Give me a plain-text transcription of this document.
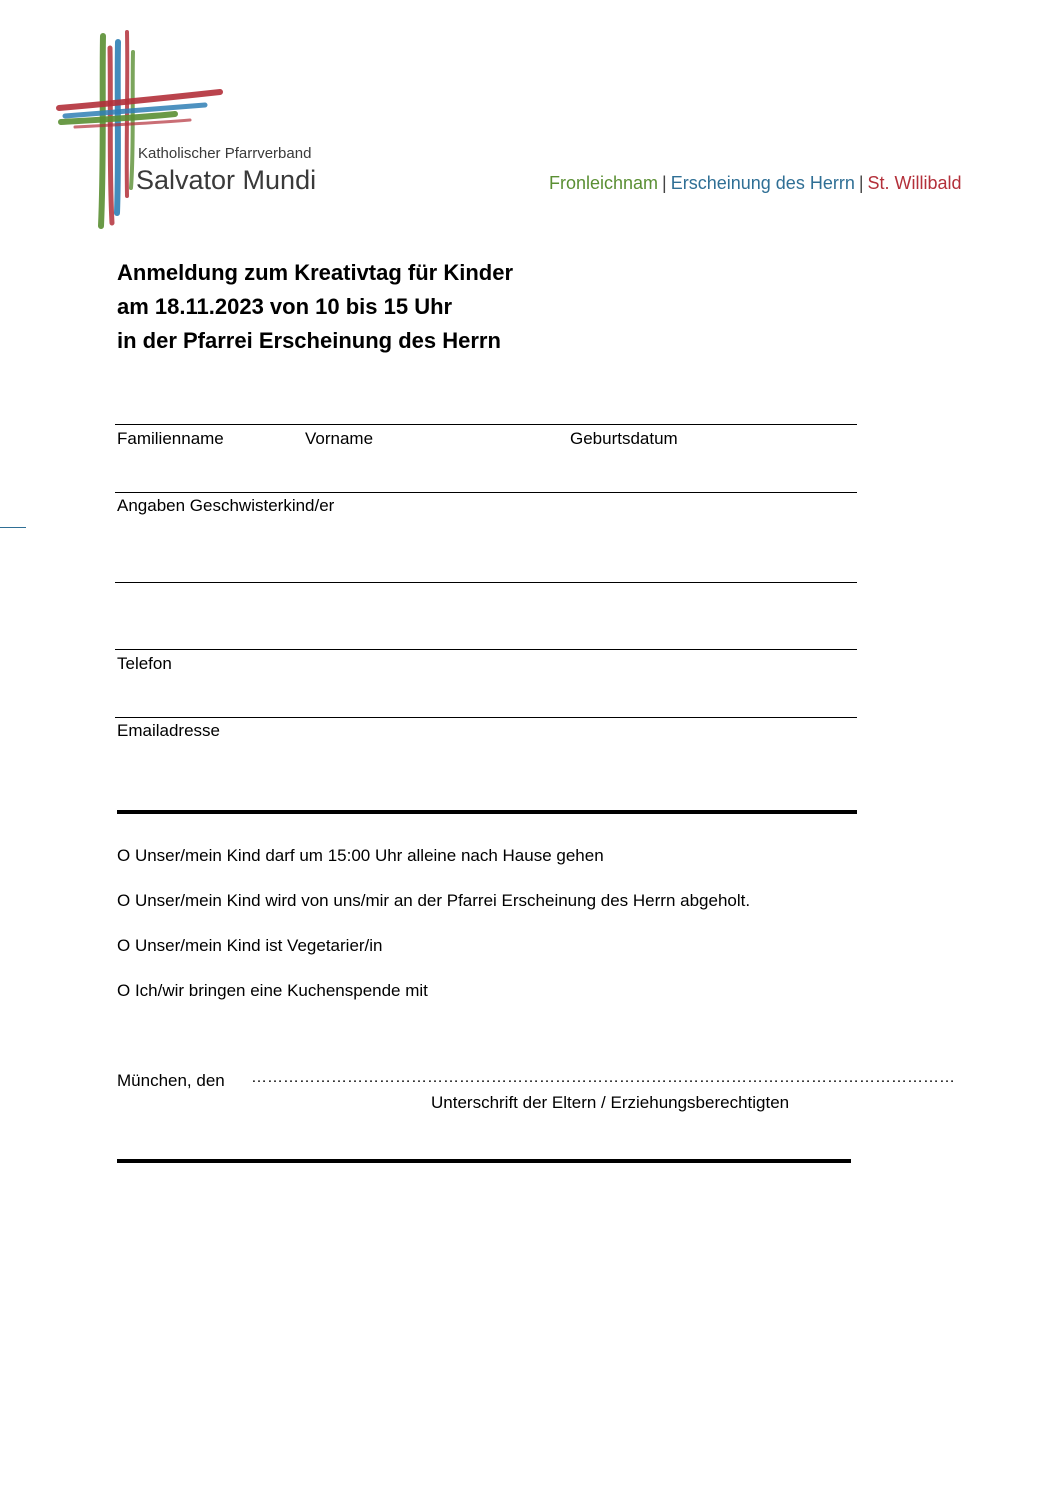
Katholischer Pfarrverband
Salvator Mundi	Fronleichnam | Erscheinung des Herrn | St. Willibald
Anmeldung zum Kreativtag für Kinder
am 18.11.2023 von 10 bis 15 Uhr
in der Pfarrei Erscheinung des Herrn
Familienname	Vorname	Geburtsdatum
Angaben Geschwisterkind/er
Telefon
Emailadresse
O Unser/mein Kind darf um 15:00 Uhr alleine nach Hause gehen
O Unser/mein Kind wird von uns/mir an der Pfarrei Erscheinung des Herrn abgeholt.
O Unser/mein Kind ist Vegetarier/in
O Ich/wir bringen eine Kuchenspende mit
München, den ……………………………………………………………………………………………………………………
Unterschrift der Eltern / Erziehungsberechtigten
